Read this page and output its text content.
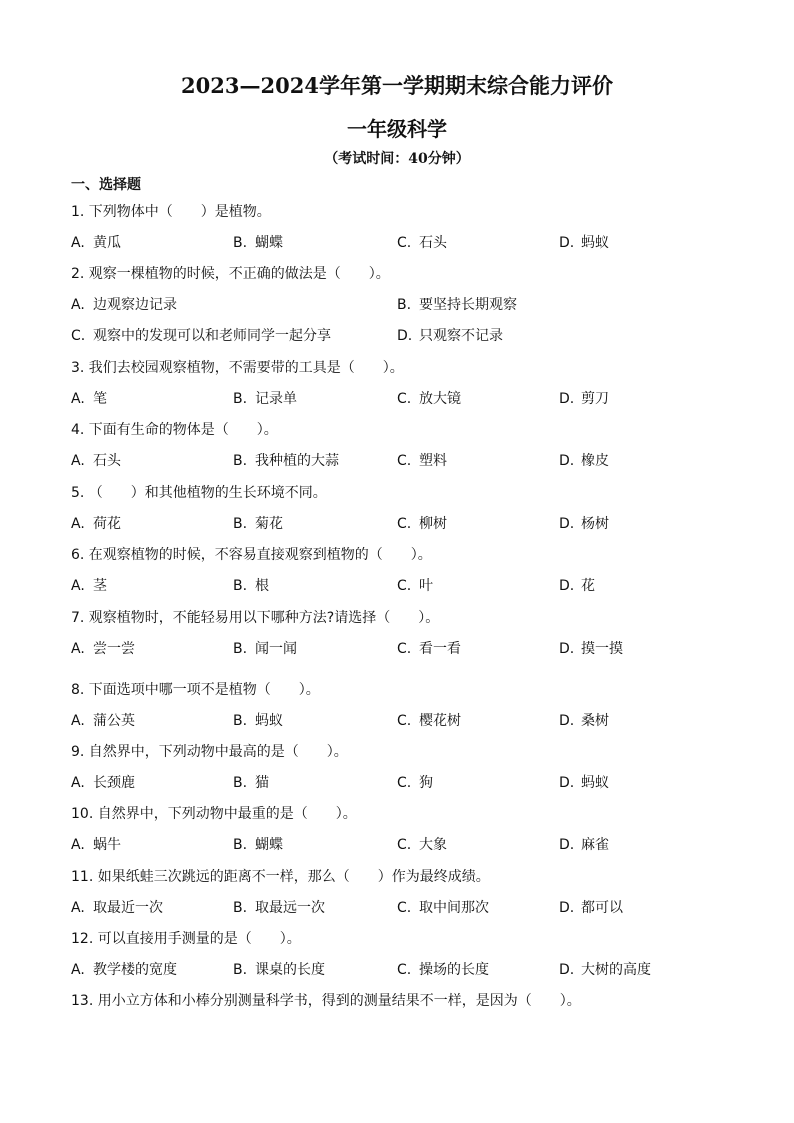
2023—2024学年第一学期期末综合能力评价
一年级科学
（考试时间：40分钟）
一、选择题
1. 下列物体中（　　）是植物。
A. 黄瓜	B. 蝴蝶	C. 石头	D. 蚂蚁
2. 观察一棵植物的时候，不正确的做法是（　　）。
A. 边观察边记录	B. 要坚持长期观察
C. 观察中的发现可以和老师同学一起分享	D. 只观察不记录
3. 我们去校园观察植物，不需要带的工具是（　　）。
A. 笔	B. 记录单	C. 放大镜	D. 剪刀
4. 下面有生命的物体是（　　）。
A. 石头	B. 我种植的大蒜	C. 塑料	D. 橡皮
5. （　　）和其他植物的生长环境不同。
A. 荷花	B. 菊花	C. 柳树	D. 杨树
6. 在观察植物的时候，不容易直接观察到植物的（　　）。
A. 茎	B. 根	C. 叶	D. 花
7. 观察植物时，不能轻易用以下哪种方法?请选择（　　）。
A. 尝一尝	B. 闻一闻	C. 看一看	D. 摸一摸
8. 下面选项中哪一项不是植物（　　）。
A. 蒲公英	B. 蚂蚁	C. 樱花树	D. 桑树
9. 自然界中，下列动物中最高的是（　　）。
A. 长颈鹿	B. 猫	C. 狗	D. 蚂蚁
10. 自然界中，下列动物中最重的是（　　）。
A. 蜗牛	B. 蝴蝶	C. 大象	D. 麻雀
11. 如果纸蛙三次跳远的距离不一样，那么（　　）作为最终成绩。
A. 取最近一次	B. 取最远一次	C. 取中间那次	D. 都可以
12. 可以直接用手测量的是（　　）。
A. 教学楼的宽度	B. 课桌的长度	C. 操场的长度	D. 大树的高度
13. 用小立方体和小棒分别测量科学书，得到的测量结果不一样，是因为（　　）。
